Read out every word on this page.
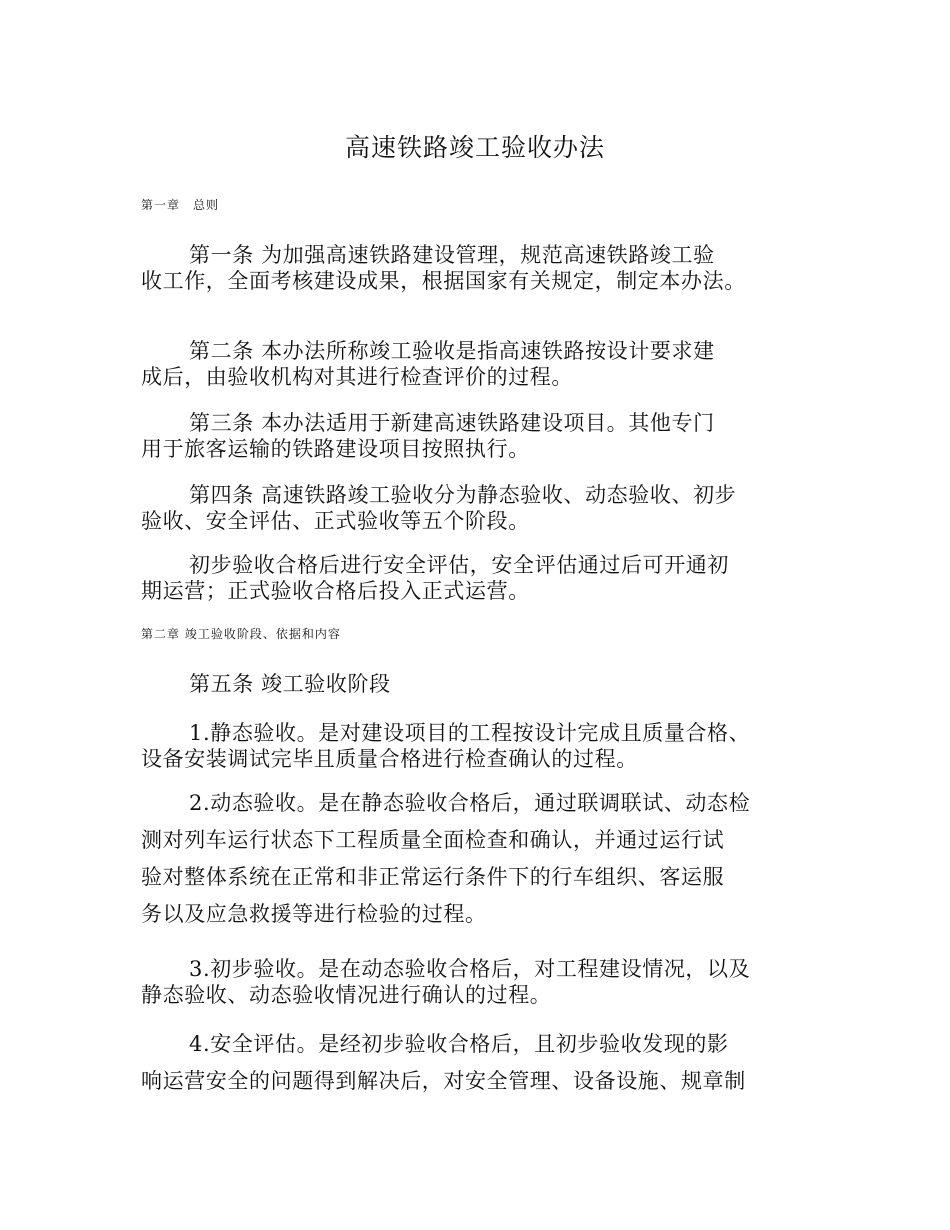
高速铁路竣工验收办法
第一章　总则
第一条 为加强高速铁路建设管理，规范高速铁路竣工验
收工作，全面考核建设成果，根据国家有关规定，制定本办法。
第二条 本办法所称竣工验收是指高速铁路按设计要求建
成后，由验收机构对其进行检查评价的过程。
第三条 本办法适用于新建高速铁路建设项目。其他专门
用于旅客运输的铁路建设项目按照执行。
第四条 高速铁路竣工验收分为静态验收、动态验收、初步
验收、安全评估、正式验收等五个阶段。
初步验收合格后进行安全评估，安全评估通过后可开通初
期运营；正式验收合格后投入正式运营。
第二章 竣工验收阶段、依据和内容
第五条 竣工验收阶段
1.静态验收。是对建设项目的工程按设计完成且质量合格、
设备安装调试完毕且质量合格进行检查确认的过程。
2.动态验收。是在静态验收合格后，通过联调联试、动态检
测对列车运行状态下工程质量全面检查和确认，并通过运行试
验对整体系统在正常和非正常运行条件下的行车组织、客运服
务以及应急救援等进行检验的过程。
3.初步验收。是在动态验收合格后，对工程建设情况，以及
静态验收、动态验收情况进行确认的过程。
4.安全评估。是经初步验收合格后，且初步验收发现的影
响运营安全的问题得到解决后，对安全管理、设备设施、规章制
